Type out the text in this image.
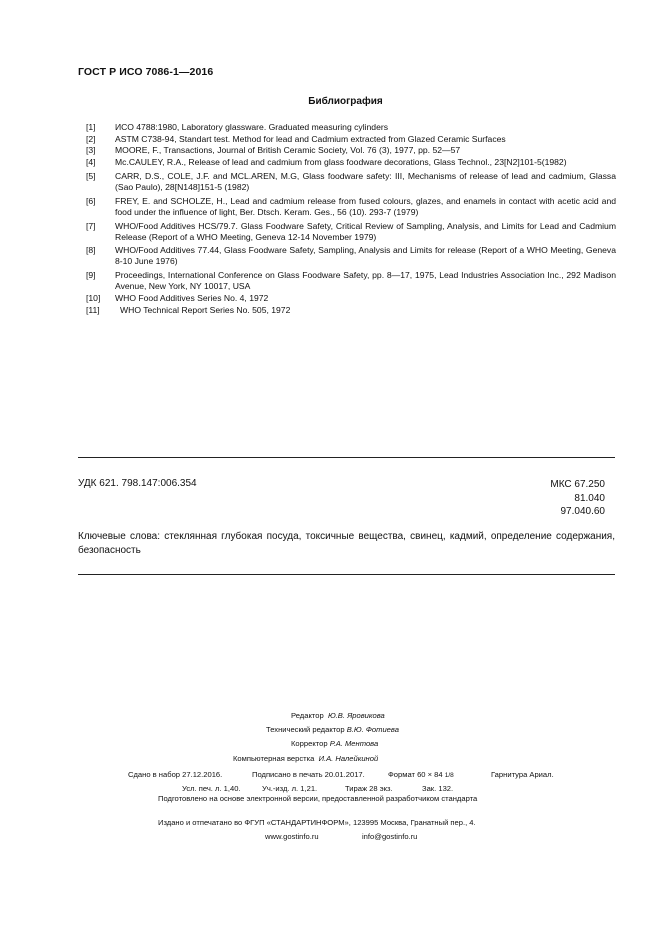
ГОСТ Р ИСО 7086-1—2016
Библиография
[1]	ИСО 4788:1980, Laboratory glassware. Graduated measuring cylinders
[2]	ASTM C738-94, Standart test. Method for lead and Cadmium extracted from Glazed Ceramic Surfaces
[3]	MOORE, F., Transactions, Journal of British Ceramic Society, Vol. 76 (3), 1977, pp. 52—57
[4]	Mc.CAULEY, R.A., Release of lead and cadmium from glass foodware decorations, Glass Technol., 23[N2]101-5(1982)
[5]	CARR, D.S., COLE, J.F. and MCL.AREN, M.G, Glass foodware safety: III, Mechanisms of release of lead and cadmium, Glassa (Sao Paulo), 28[N148]151-5 (1982)
[6]	FREY, E. and SCHOLZE, H., Lead and cadmium release from fused colours, glazes, and enamels in contact with acetic acid and food under the influence of light, Ber. Dtsch. Keram. Ges., 56 (10). 293-7 (1979)
[7]	WHO/Food Additives HCS/79.7. Glass Foodware Safety, Critical Review of Sampling, Analysis, and Limits for Lead and Cadmium Release (Report of a WHO Meeting, Geneva 12-14 November 1979)
[8]	WHO/Food Additives 77.44, Glass Foodware Safety, Sampling, Analysis and Limits for release (Report of a WHO Meeting, Geneva 8-10 June 1976)
[9]	Proceedings, International Conference on Glass Foodware Safety, pp. 8—17, 1975, Lead Industries Association Inc., 292 Madison Avenue, New York, NY 10017, USA
[10]	WHO Food Additives Series No. 4, 1972
[11]	WHO Technical Report Series No. 505, 1972
УДК 621. 798.147:006.354	МКС 67.250
81.040
97.040.60
Ключевые слова: стеклянная глубокая посуда, токсичные вещества, свинец, кадмий, определение содержания, безопасность
Редактор Ю.В. Яровикова
Технический редактор В.Ю. Фотиева
Корректор Р.А. Ментова
Компьютерная верстка И.А. Налейкиной
Сдано в набор 27.12.2016.	Подписано в печать 20.01.2017.	Формат 60 × 84 1/8	Гарнитура Ариал.
Усл. печ. л. 1,40.	Уч.-изд. л. 1,21.	Тираж 28 экз.	Зак. 132.
Подготовлено на основе электронной версии, предоставленной разработчиком стандарта
Издано и отпечатано во ФГУП «СТАНДАРТИНФОРМ», 123995 Москва, Гранатный пер., 4.
www.gostinfo.ru	info@gostinfo.ru
